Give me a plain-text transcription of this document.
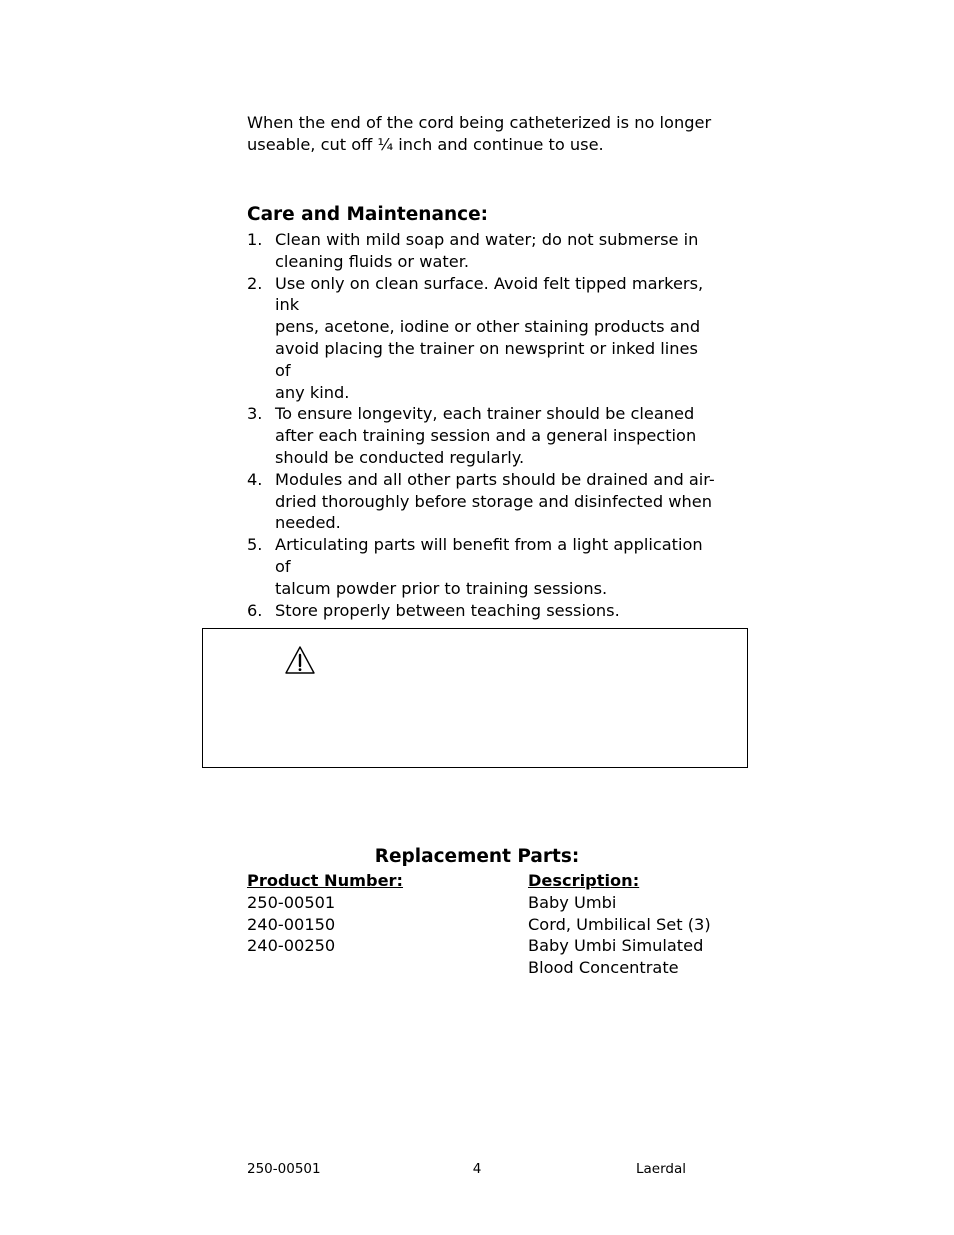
When the end of the cord being catheterized is no longer
useable, cut off ¼ inch and continue to use.
Care and Maintenance:
1. Clean with mild soap and water; do not submerse in
cleaning fluids or water.
2. Use only on clean surface. Avoid felt tipped markers, ink
pens, acetone, iodine or other staining products and
avoid placing the trainer on newsprint or inked lines of
any kind.
3. To ensure longevity, each trainer should be cleaned
after each training session and a general inspection
should be conducted regularly.
4. Modules and all other parts should be drained and air-
dried thoroughly before storage and disinfected when
needed.
5. Articulating parts will benefit from a light application of
talcum powder prior to training sessions.
6. Store properly between teaching sessions.
Replacement Parts:
Product Number:	Description:
250-00501	Baby Umbi
240-00150	Cord, Umbilical Set (3)
240-00250	Baby Umbi Simulated
Blood Concentrate
250-00501	4	Laerdal
